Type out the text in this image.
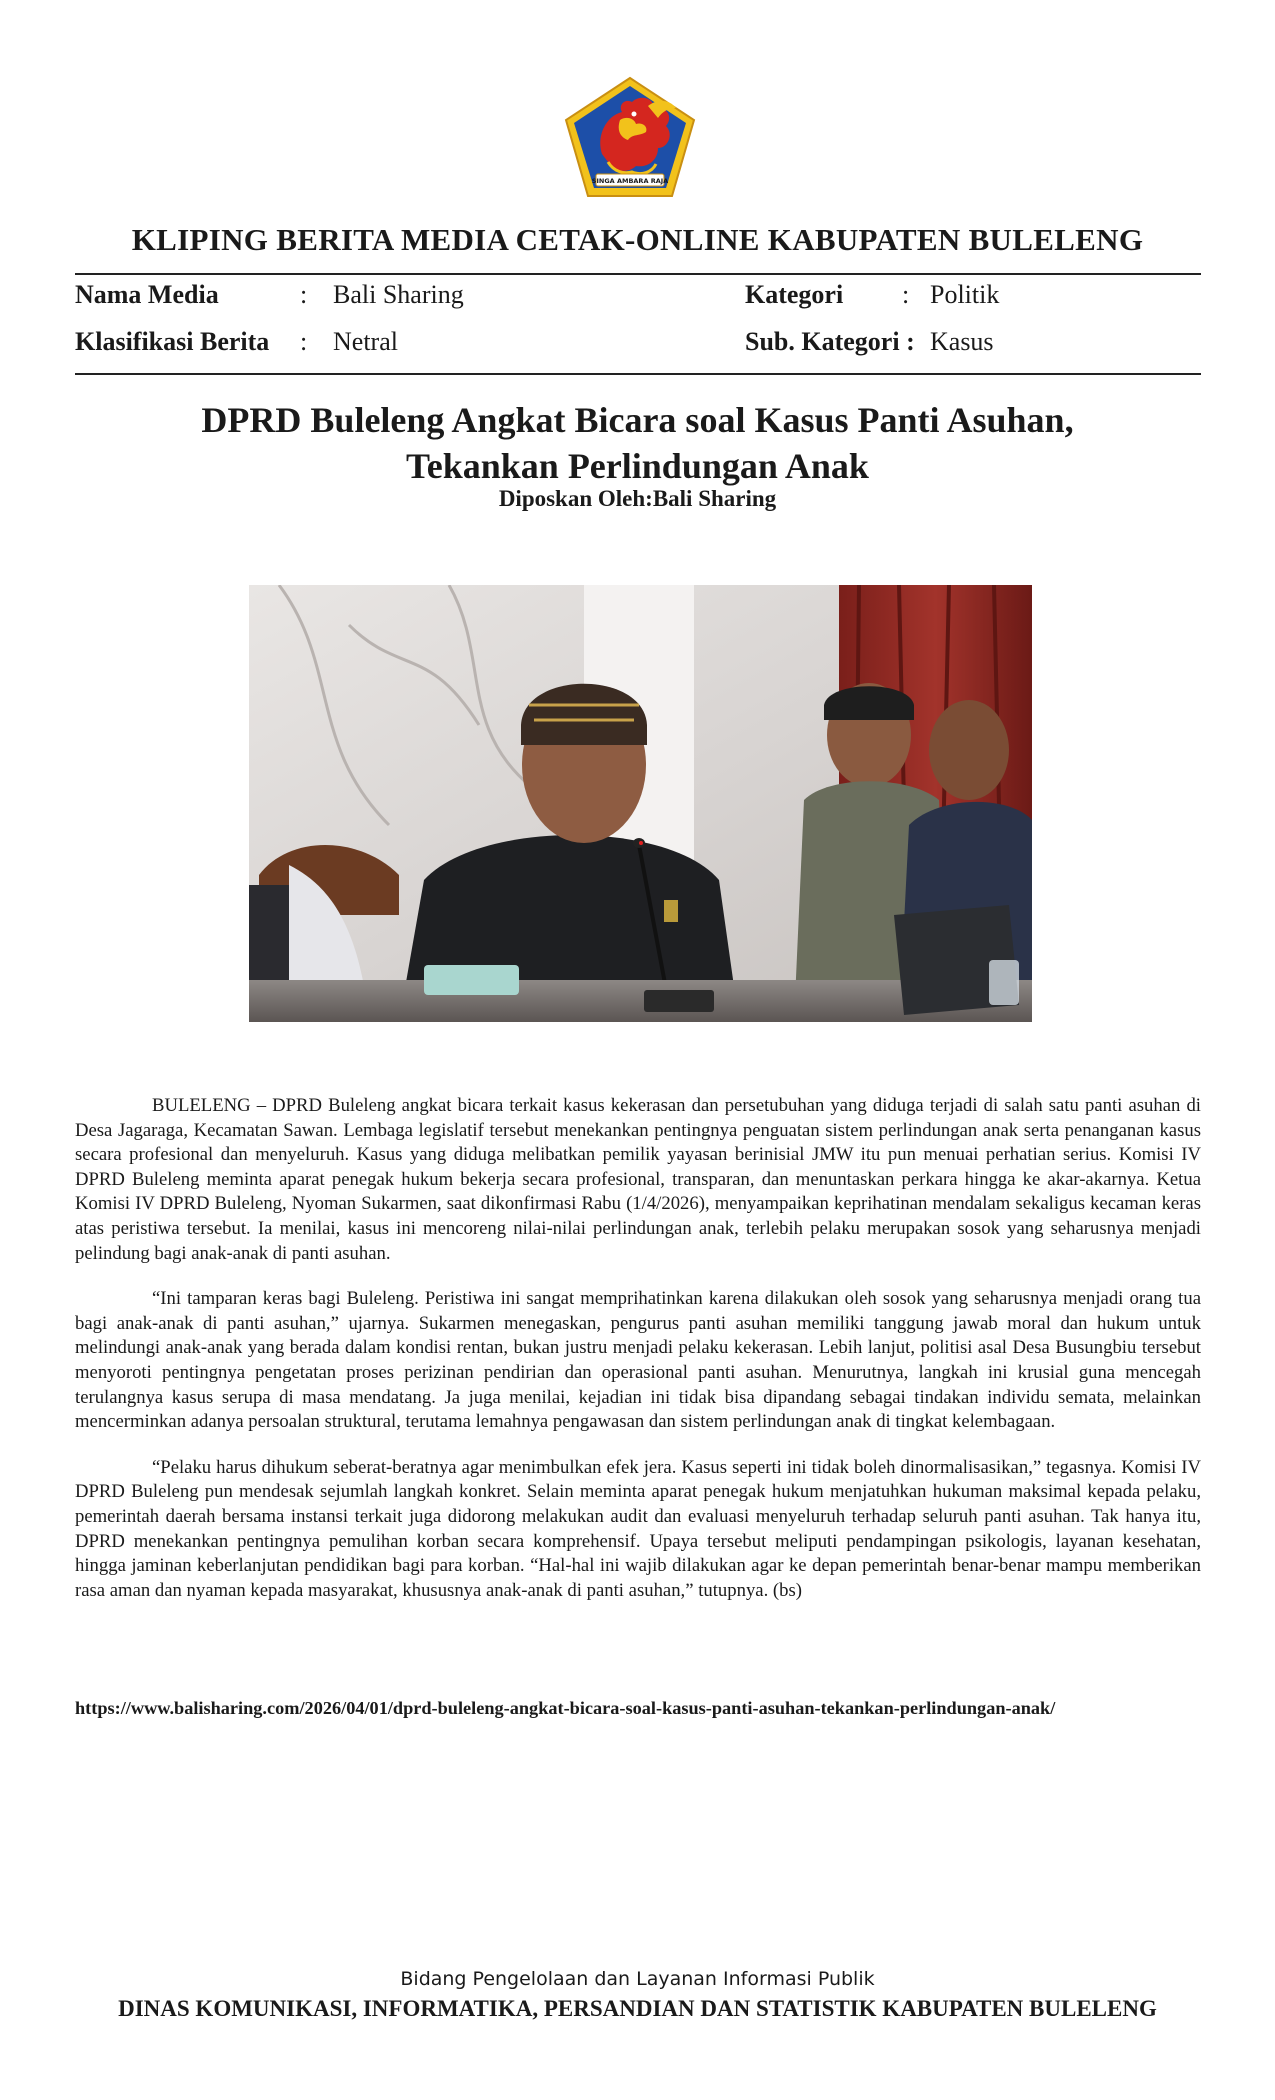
SINGA AMBARA RAJA
KLIPING BERITA MEDIA CETAK-ONLINE KABUPATEN BULELENG
Nama Media	: Bali Sharing	Kategori : Politik
Klasifikasi Berita : Netral	Sub. Kategori : Kasus
DPRD Buleleng Angkat Bicara soal Kasus Panti Asuhan,
Tekankan Perlindungan Anak
Diposkan Oleh:Bali Sharing

BULELENG – DPRD Buleleng angkat bicara terkait kasus kekerasan dan persetubuhan yang diduga terjadi di salah satu panti asuhan di Desa Jagaraga, Kecamatan Sawan. Lembaga legislatif tersebut menekankan pentingnya penguatan sistem perlindungan anak serta penanganan kasus secara profesional dan menyeluruh. Kasus yang diduga melibatkan pemilik yayasan berinisial JMW itu pun menuai perhatian serius. Komisi IV DPRD Buleleng meminta aparat penegak hukum bekerja secara profesional, transparan, dan menuntaskan perkara hingga ke akar-akarnya. Ketua Komisi IV DPRD Buleleng, Nyoman Sukarmen, saat dikonfirmasi Rabu (1/4/2026), menyampaikan keprihatinan mendalam sekaligus kecaman keras atas peristiwa tersebut. Ia menilai, kasus ini mencoreng nilai-nilai perlindungan anak, terlebih pelaku merupakan sosok yang seharusnya menjadi pelindung bagi anak-anak di panti asuhan.

“Ini tamparan keras bagi Buleleng. Peristiwa ini sangat memprihatinkan karena dilakukan oleh sosok yang seharusnya menjadi orang tua bagi anak-anak di panti asuhan,” ujarnya. Sukarmen menegaskan, pengurus panti asuhan memiliki tanggung jawab moral dan hukum untuk melindungi anak-anak yang berada dalam kondisi rentan, bukan justru menjadi pelaku kekerasan. Lebih lanjut, politisi asal Desa Busungbiu tersebut menyoroti pentingnya pengetatan proses perizinan pendirian dan operasional panti asuhan. Menurutnya, langkah ini krusial guna mencegah terulangnya kasus serupa di masa mendatang. Ja juga menilai, kejadian ini tidak bisa dipandang sebagai tindakan individu semata, melainkan mencerminkan adanya persoalan struktural, terutama lemahnya pengawasan dan sistem perlindungan anak di tingkat kelembagaan.

“Pelaku harus dihukum seberat-beratnya agar menimbulkan efek jera. Kasus seperti ini tidak boleh dinormalisasikan,” tegasnya. Komisi IV DPRD Buleleng pun mendesak sejumlah langkah konkret. Selain meminta aparat penegak hukum menjatuhkan hukuman maksimal kepada pelaku, pemerintah daerah bersama instansi terkait juga didorong melakukan audit dan evaluasi menyeluruh terhadap seluruh panti asuhan. Tak hanya itu, DPRD menekankan pentingnya pemulihan korban secara komprehensif. Upaya tersebut meliputi pendampingan psikologis, layanan kesehatan, hingga jaminan keberlanjutan pendidikan bagi para korban. “Hal-hal ini wajib dilakukan agar ke depan pemerintah benar-benar mampu memberikan rasa aman dan nyaman kepada masyarakat, khususnya anak-anak di panti asuhan,” tutupnya. (bs)

https://www.balisharing.com/2026/04/01/dprd-buleleng-angkat-bicara-soal-kasus-panti-asuhan-tekankan-perlindungan-anak/
Bidang Pengelolaan dan Layanan Informasi Publik
DINAS KOMUNIKASI, INFORMATIKA, PERSANDIAN DAN STATISTIK KABUPATEN BULELENG
